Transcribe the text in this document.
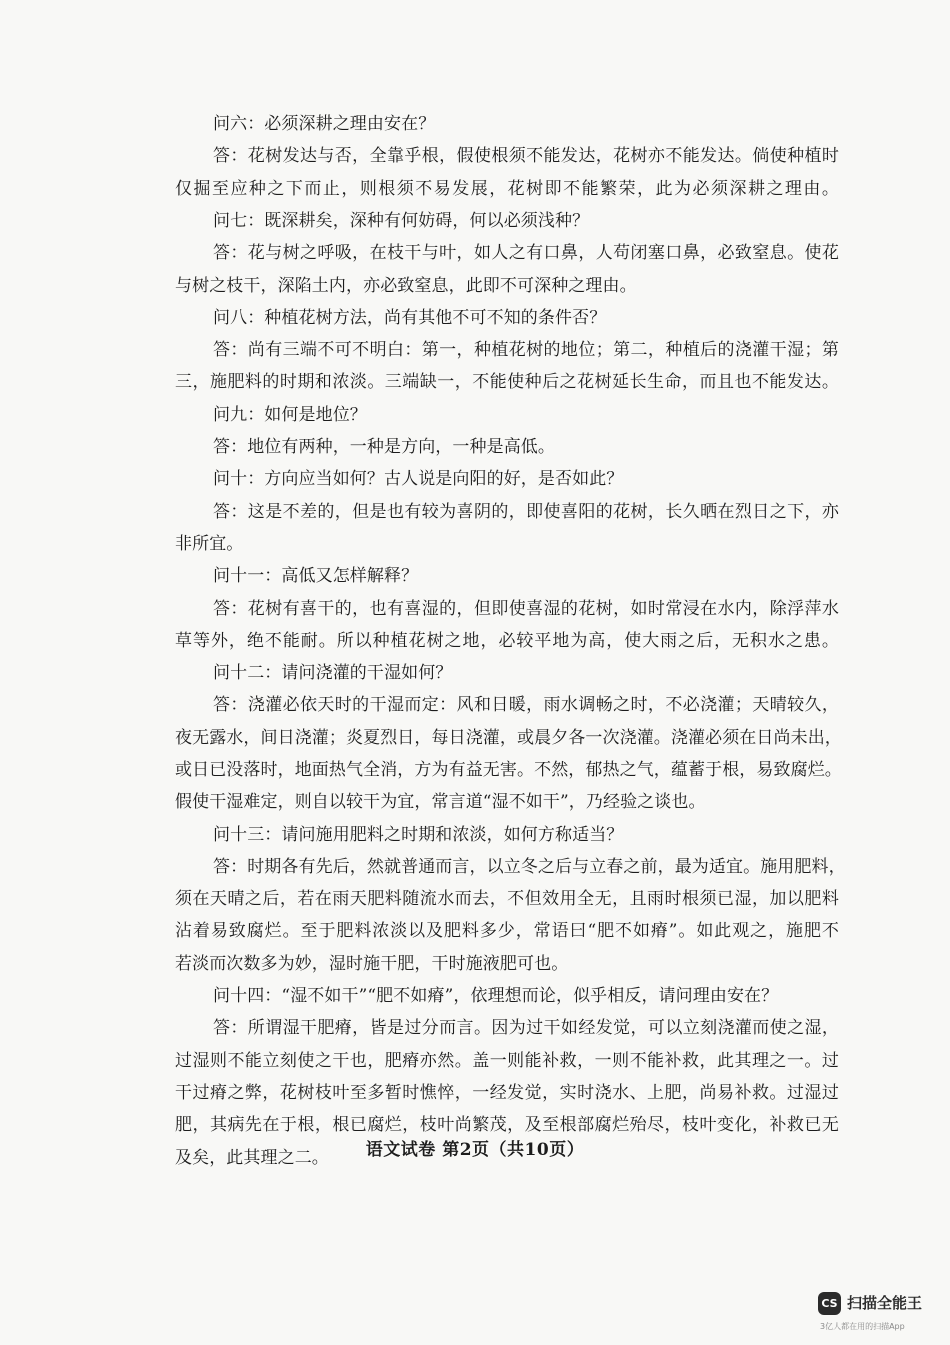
问六：必须深耕之理由安在？
答：花树发达与否，全靠乎根，假使根须不能发达，花树亦不能发达。倘使种植时
仅掘至应种之下而止，则根须不易发展，花树即不能繁荣，此为必须深耕之理由。
问七：既深耕矣，深种有何妨碍，何以必须浅种？
答：花与树之呼吸，在枝干与叶，如人之有口鼻，人苟闭塞口鼻，必致窒息。使花
与树之枝干，深陷土内，亦必致窒息，此即不可深种之理由。
问八：种植花树方法，尚有其他不可不知的条件否？
答：尚有三端不可不明白：第一，种植花树的地位；第二，种植后的浇灌干湿；第
三，施肥料的时期和浓淡。三端缺一，不能使种后之花树延长生命，而且也不能发达。
问九：如何是地位？
答：地位有两种，一种是方向，一种是高低。
问十：方向应当如何？古人说是向阳的好，是否如此？
答：这是不差的，但是也有较为喜阴的，即使喜阳的花树，长久晒在烈日之下，亦
非所宜。
问十一：高低又怎样解释？
答：花树有喜干的，也有喜湿的，但即使喜湿的花树，如时常浸在水内，除浮萍水
草等外，绝不能耐。所以种植花树之地，必较平地为高，使大雨之后，无积水之患。
问十二：请问浇灌的干湿如何？
答：浇灌必依天时的干湿而定：风和日暖，雨水调畅之时，不必浇灌；天晴较久，
夜无露水，间日浇灌；炎夏烈日，每日浇灌，或晨夕各一次浇灌。浇灌必须在日尚未出，
或日已没落时，地面热气全消，方为有益无害。不然，郁热之气，蕴蓄于根，易致腐烂。
假使干湿难定，则自以较干为宜，常言道“湿不如干”，乃经验之谈也。
问十三：请问施用肥料之时期和浓淡，如何方称适当？
答：时期各有先后，然就普通而言，以立冬之后与立春之前，最为适宜。施用肥料，
须在天晴之后，若在雨天肥料随流水而去，不但效用全无，且雨时根须已湿，加以肥料
沾着易致腐烂。至于肥料浓淡以及肥料多少，常语曰“肥不如瘠”。如此观之，施肥不
若淡而次数多为妙，湿时施干肥，干时施液肥可也。
问十四：“湿不如干”“肥不如瘠”，依理想而论，似乎相反，请问理由安在？
答：所谓湿干肥瘠，皆是过分而言。因为过干如经发觉，可以立刻浇灌而使之湿，
过湿则不能立刻使之干也，肥瘠亦然。盖一则能补救，一则不能补救，此其理之一。过
干过瘠之弊，花树枝叶至多暂时憔悴，一经发觉，实时浇水、上肥，尚易补救。过湿过
肥，其病先在于根，根已腐烂，枝叶尚繁茂，及至根部腐烂殆尽，枝叶变化，补救已无
及矣，此其理之二。	语文试卷 第2页（共10页）
CS 扫描全能王
3亿人都在用的扫描App
